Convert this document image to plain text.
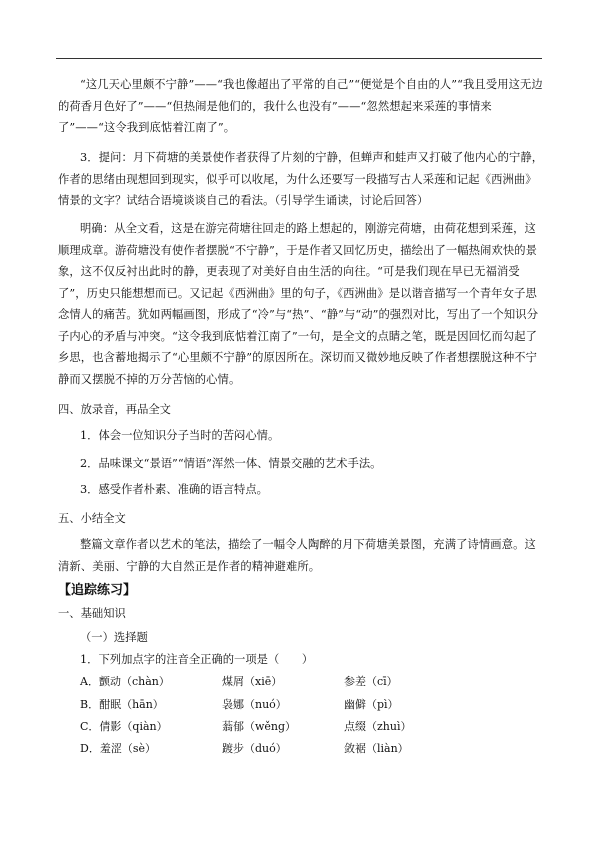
“这几天心里颇不宁静”——“我也像超出了平常的自己”“便觉是个自由的人”“我且受用这无边的荷香月色好了”——“但热闹是他们的，我什么也没有”——“忽然想起来采莲的事情来了”——“这令我到底惦着江南了”。

3．提问：月下荷塘的美景使作者获得了片刻的宁静，但蝉声和蛙声又打破了他内心的宁静，作者的思绪由现想回到现实，似乎可以收尾，为什么还要写一段描写古人采莲和记起《西洲曲》情景的文字？试结合语境谈谈自己的看法。（引导学生诵读，讨论后回答）

明确：从全文看，这是在游完荷塘往回走的路上想起的，刚游完荷塘，由荷花想到采莲，这顺理成章。游荷塘没有使作者摆脱“不宁静”，于是作者又回忆历史，描绘出了一幅热闹欢快的景象，这不仅反衬出此时的静，更表现了对美好自由生活的向往。“可是我们现在早已无福消受了”，历史只能想想而已。又记起《西洲曲》里的句子，《西洲曲》是以谐音描写一个青年女子思念情人的痛苦。犹如两幅画图，形成了“冷”与“热”、“静”与“动”的强烈对比，写出了一个知识分子内心的矛盾与冲突。“这令我到底惦着江南了”一句，是全文的点睛之笔，既是因回忆而勾起了乡思，也含蓄地揭示了“心里颇不宁静”的原因所在。深切而又微妙地反映了作者想摆脱这种不宁静而又摆脱不掉的万分苦恼的心情。

四、放录音，再品全文

1．体会一位知识分子当时的苦闷心情。

2．品味课文“景语”“情语”浑然一体、情景交融的艺术手法。

3．感受作者朴素、准确的语言特点。

五、小结全文

整篇文章作者以艺术的笔法，描绘了一幅令人陶醉的月下荷塘美景图，充满了诗情画意。这清新、美丽、宁静的大自然正是作者的精神避难所。

【追踪练习】

一、基础知识

（一）选择题

1．下列加点字的注音全正确的一项是（　　）

A．颤动（chàn）	煤屑（xiē）	参差（cī）

B．酣眠（hān）	袅娜（nuó）	幽僻（pì）

C．倩影（qiàn）	蓊郁（wěng）	点缀（zhuì）

D．羞涩（sè）	踱步（duó）	敛裾（liàn）
